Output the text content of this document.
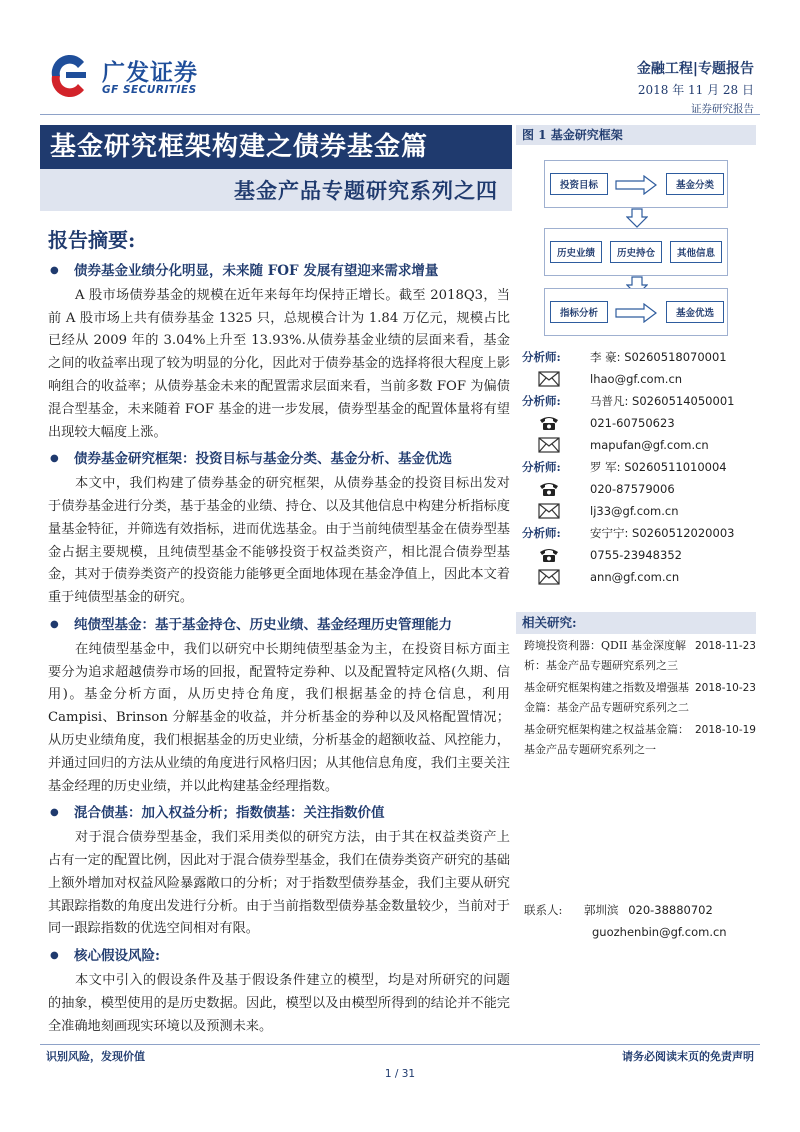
广发证券
GF SECURITIES
金融工程|专题报告
2018 年 11 月 28 日
证券研究报告
基金研究框架构建之债券基金篇
基金产品专题研究系列之四
报告摘要:
● 债券基金业绩分化明显，未来随 FOF 发展有望迎来需求增量
A 股市场债券基金的规模在近年来每年均保持正增长。截至 2018Q3，当前 A 股市场上共有债券基金 1325 只，总规模合计为 1.84 万亿元，规模占比已经从 2009 年的 3.04%上升至 13.93%.从债券基金业绩的层面来看，基金之间的收益率出现了较为明显的分化，因此对于债券基金的选择将很大程度上影响组合的收益率；从债券基金未来的配置需求层面来看，当前多数 FOF 为偏债混合型基金，未来随着 FOF 基金的进一步发展，债券型基金的配置体量将有望出现较大幅度上涨。
● 债券基金研究框架：投资目标与基金分类、基金分析、基金优选
本文中，我们构建了债券基金的研究框架，从债券基金的投资目标出发对于债券基金进行分类，基于基金的业绩、持仓、以及其他信息中构建分析指标度量基金特征，并筛选有效指标，进而优选基金。由于当前纯债型基金在债券型基金占据主要规模，且纯债型基金不能够投资于权益类资产，相比混合债券型基金，其对于债券类资产的投资能力能够更全面地体现在基金净值上，因此本文着重于纯债型基金的研究。
● 纯债型基金：基于基金持仓、历史业绩、基金经理历史管理能力
在纯债型基金中，我们以研究中长期纯债型基金为主，在投资目标方面主要分为追求超越债券市场的回报，配置特定券种、以及配置特定风格(久期、信用)。基金分析方面，从历史持仓角度，我们根据基金的持仓信息，利用 Campisi、Brinson 分解基金的收益，并分析基金的券种以及风格配置情况；从历史业绩角度，我们根据基金的历史业绩，分析基金的超额收益、风控能力，并通过回归的方法从业绩的角度进行风格归因；从其他信息角度，我们主要关注基金经理的历史业绩，并以此构建基金经理指数。
● 混合债基：加入权益分析；指数债基：关注指数价值
对于混合债券型基金，我们采用类似的研究方法，由于其在权益类资产上占有一定的配置比例，因此对于混合债券型基金，我们在债券类资产研究的基础上额外增加对权益风险暴露敞口的分析；对于指数型债券基金，我们主要从研究其跟踪指数的角度出发进行分析。由于当前指数型债券基金数量较少，当前对于同一跟踪指数的优选空间相对有限。
● 核心假设风险:
本文中引入的假设条件及基于假设条件建立的模型，均是对所研究的问题的抽象，模型使用的是历史数据。因此，模型以及由模型所得到的结论并不能完全准确地刻画现实环境以及预测未来。
图 1 基金研究框架
投资目标	基金分类
历史业绩	历史持仓	其他信息
指标分析	基金优选
分析师:	李 豪: S0260518070001
lhao@gf.com.cn
分析师:	马普凡: S0260514050001
021-60750623
mapufan@gf.com.cn
分析师:	罗 军: S0260511010004
020-87579006
lj33@gf.com.cn
分析师:	安宁宁: S0260512020003
0755-23948352
ann@gf.com.cn
相关研究:
跨境投资利器：QDII 基金深度解析：基金产品专题研究系列之三
2018-11-23
基金研究框架构建之指数及增强基金篇：基金产品专题研究系列之二
2018-10-23
基金研究框架构建之权益基金篇：基金产品专题研究系列之一
2018-10-19
联系人: 郭圳滨 020-38880702
guozhenbin@gf.com.cn
识别风险，发现价值	请务必阅读末页的免责声明
1 / 31
